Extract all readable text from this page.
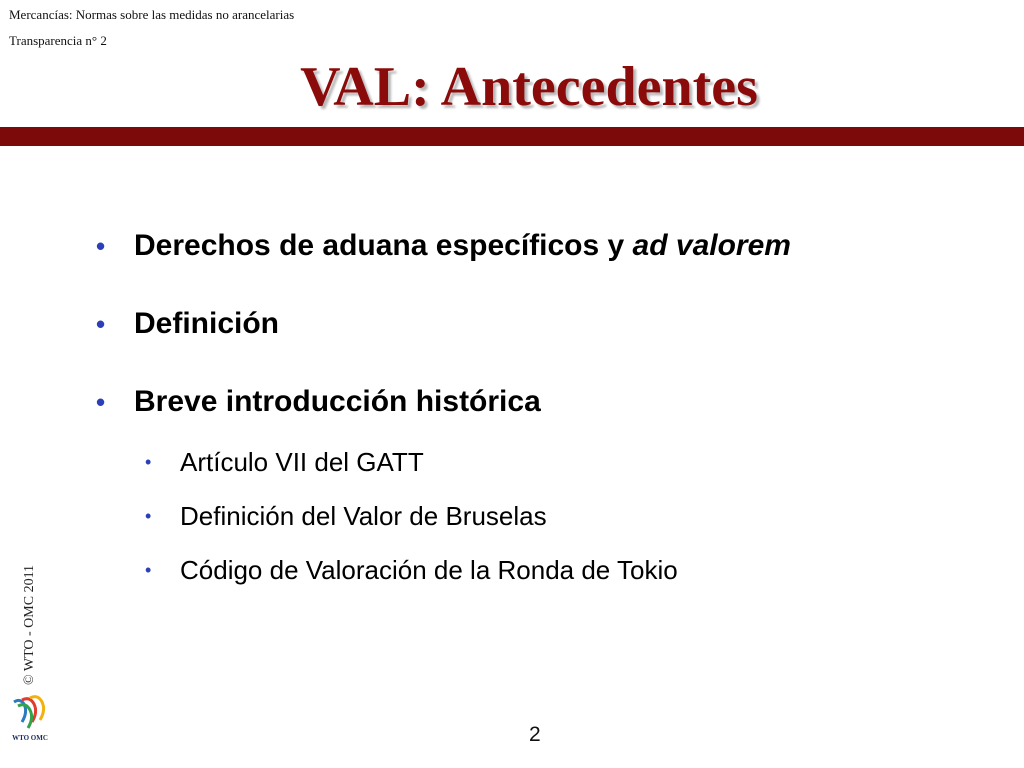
Mercancías: Normas sobre las medidas no arancelarias
Transparencia n° 2
VAL: Antecedentes
• Derechos de aduana específicos y ad valorem
• Definición
• Breve introducción histórica
• Artículo VII del GATT
• Definición del Valor de Bruselas
• Código de Valoración de la Ronda de Tokio
© WTO - OMC 2011
WTO OMC	2
